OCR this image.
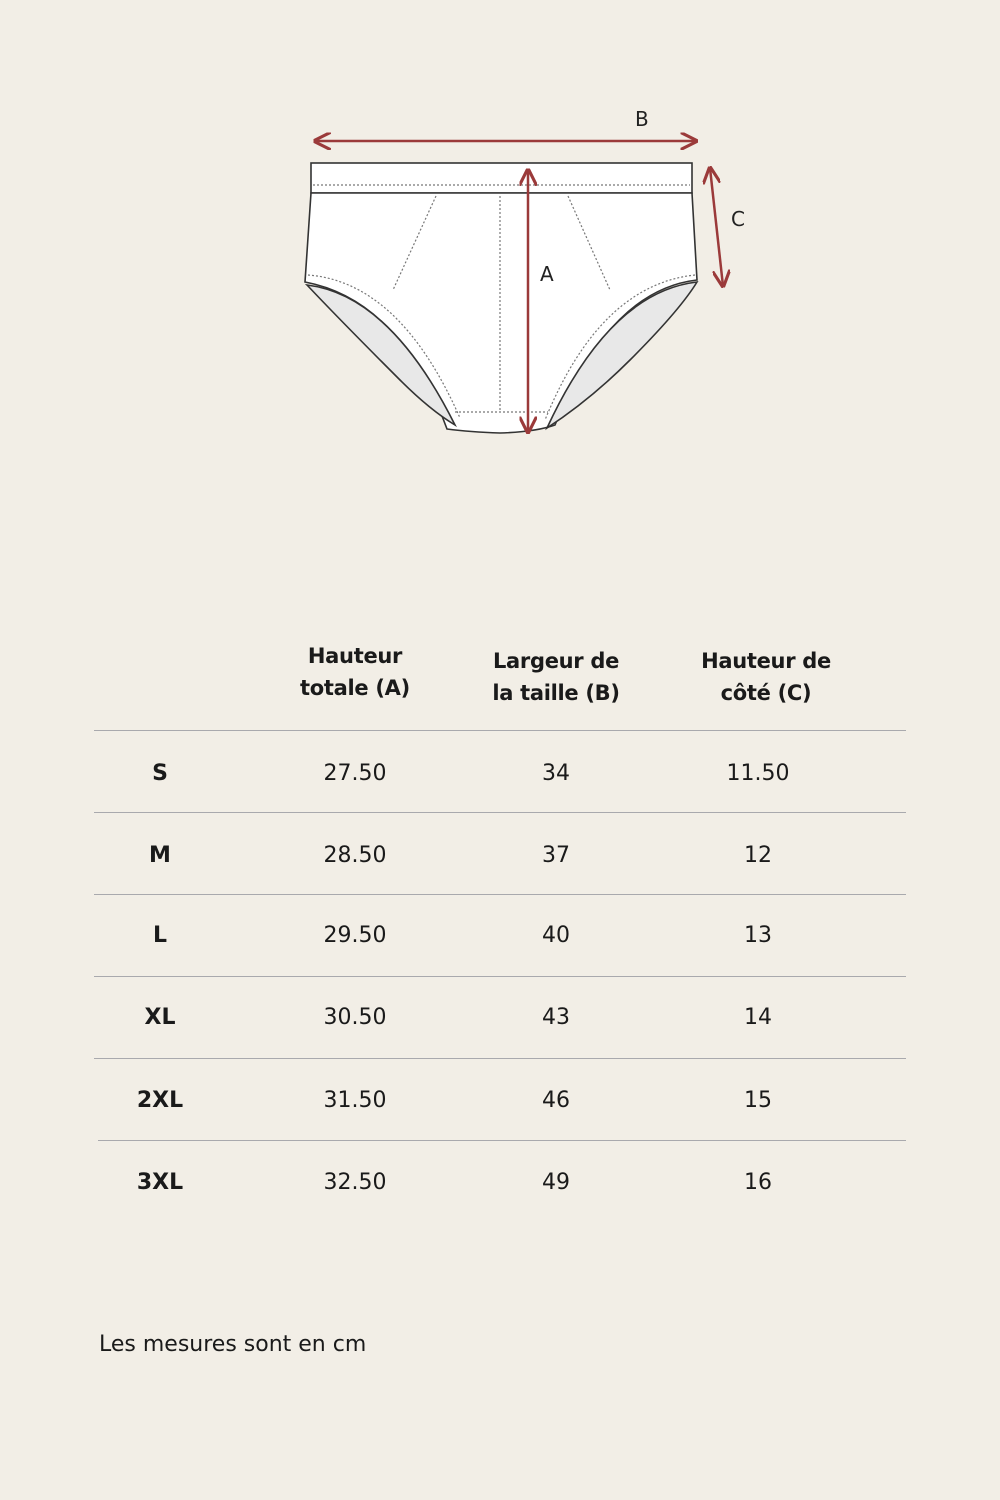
B
A
C
Hauteur
totale (A)
Largeur de
la taille (B)
Hauteur de
côté (C)
S	27.50	34	11.50
M	28.50	37	12
L	29.50	40	13
XL	30.50	43	14
2XL	31.50	46	15
3XL	32.50	49	16
Les mesures sont en cm
